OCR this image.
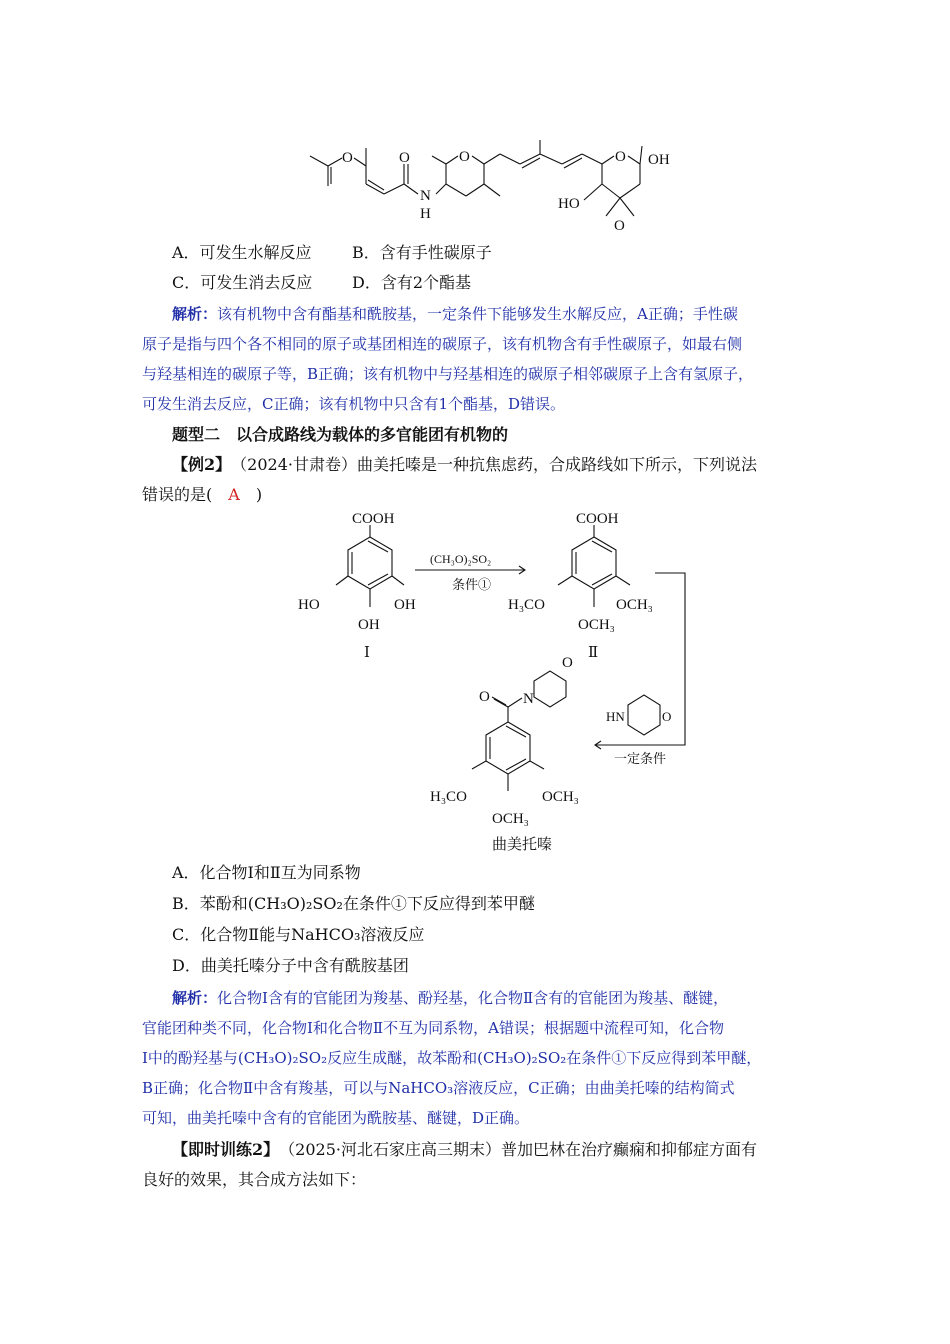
O	O
N
H
O	O OH
HO
O
A．可发生水解反应	B．含有手性碳原子
C．可发生消去反应 D．含有2个酯基
解析：该有机物中含有酯基和酰胺基，一定条件下能够发生水解反应，A正确；手性碳
原子是指与四个各不相同的原子或基团相连的碳原子，该有机物含有手性碳原子，如最右侧
与羟基相连的碳原子等，B正确；该有机物中与羟基相连的碳原子相邻碳原子上含有氢原子，
可发生消去反应，C正确；该有机物中只含有1个酯基，D错误。
题型二　以合成路线为载体的多官能团有机物的
【例2】　 （2024·甘肃卷）曲美托嗪是一种抗焦虑药，合成路线如下所示，下列说法
错误的是(　 A　 )
COOH
HO	OH
OH
Ⅰ
(CH₃O)₂SO₂
条件①
COOH
H₃CO	OCH₃
OCH₃
Ⅱ
HN	O
一定条件
O N
O
H₃CO	OCH₃
OCH₃
曲美托嗪
A．化合物Ⅰ和Ⅱ互为同系物
B．苯酚和(CH₃O)₂SO₂在条件①下反应得到苯甲醚
C．化合物Ⅱ能与NaHCO₃溶液反应
D．曲美托嗪分子中含有酰胺基团
解析：化合物Ⅰ含有的官能团为羧基、酚羟基，化合物Ⅱ含有的官能团为羧基、醚键，
官能团种类不同，化合物Ⅰ和化合物Ⅱ不互为同系物，A错误；根据题中流程可知，化合物
Ⅰ中的酚羟基与(CH₃O)₂SO₂反应生成醚，故苯酚和(CH₃O)₂SO₂在条件①下反应得到苯甲醚，
B正确；化合物Ⅱ中含有羧基，可以与NaHCO₃溶液反应，C正确；由曲美托嗪的结构简式
可知，曲美托嗪中含有的官能团为酰胺基、醚键，D正确。
【即时训练2】　 （2025·河北石家庄高三期末）普加巴林在治疗癫痫和抑郁症方面有
良好的效果，其合成方法如下：
